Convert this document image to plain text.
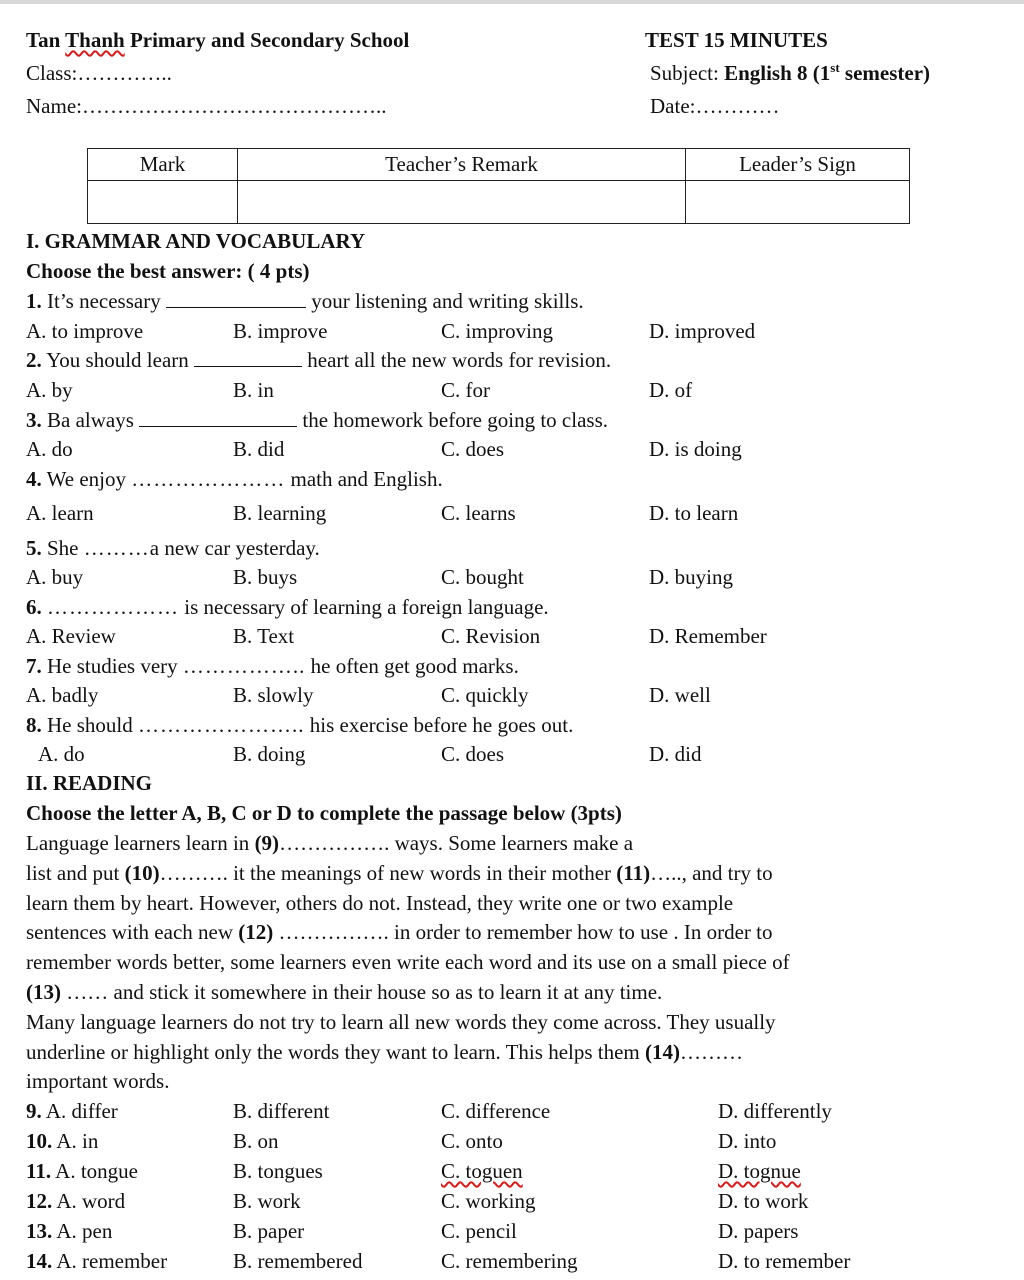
Tan Thanh Primary and Secondary School	TEST 15 MINUTES
Class:…………..	Subject: English 8 (1st semester)
Name:……………………………………..	Date:…………
Mark	Teacher’s Remark	Leader’s Sign

I. GRAMMAR AND VOCABULARY
Choose the best answer: ( 4 pts)
1. It’s necessary	your listening and writing skills.
A. to improve	B. improve	C. improving	D. improved
2. You should learn	heart all the new words for revision.
A. by	B. in	C. for	D. of
3. Ba always	the homework before going to class.
A. do	B. did	C. does	D. is doing
4. We enjoy ………………… math and English.
A. learn	B. learning	C. learns	D. to learn
5. She ………a new car yesterday.
A. buy	B. buys	C. bought	D. buying
6. ……………… is necessary of learning a foreign language.
A. Review	B. Text	C. Revision	D. Remember
7. He studies very …………….. he often get good marks.
A. badly	B. slowly	C. quickly	D. well
8. He should ………………….. his exercise before he goes out.
A. do	B. doing	C. does	D. did
II. READING
Choose the letter A, B, C or D to complete the passage below (3pts)
Language learners learn in (9)……………. ways. Some learners make a
list and put (10)………. it the meanings of new words in their mother (11)….., and try to
learn them by heart. However, others do not. Instead, they write one or two example
sentences with each new (12) ……………. in order to remember how to use . In order to
remember words better, some learners even write each word and its use on a small piece of
(13) …… and stick it somewhere in their house so as to learn it at any time.
Many language learners do not try to learn all new words they come across. They usually
underline or highlight only the words they want to learn. This helps them (14)………
important words.
9. A. differ	B. different	C. difference	D. differently
10. A. in	B. on	C. onto	D. into
11. A. tongue	B. tongues	C. toguen	D. tognue
12. A. word	B. work	C. working	D. to work
13. A. pen	B. paper	C. pencil	D. papers
14. A. remember	B. remembered	C. remembering	D. to remember
